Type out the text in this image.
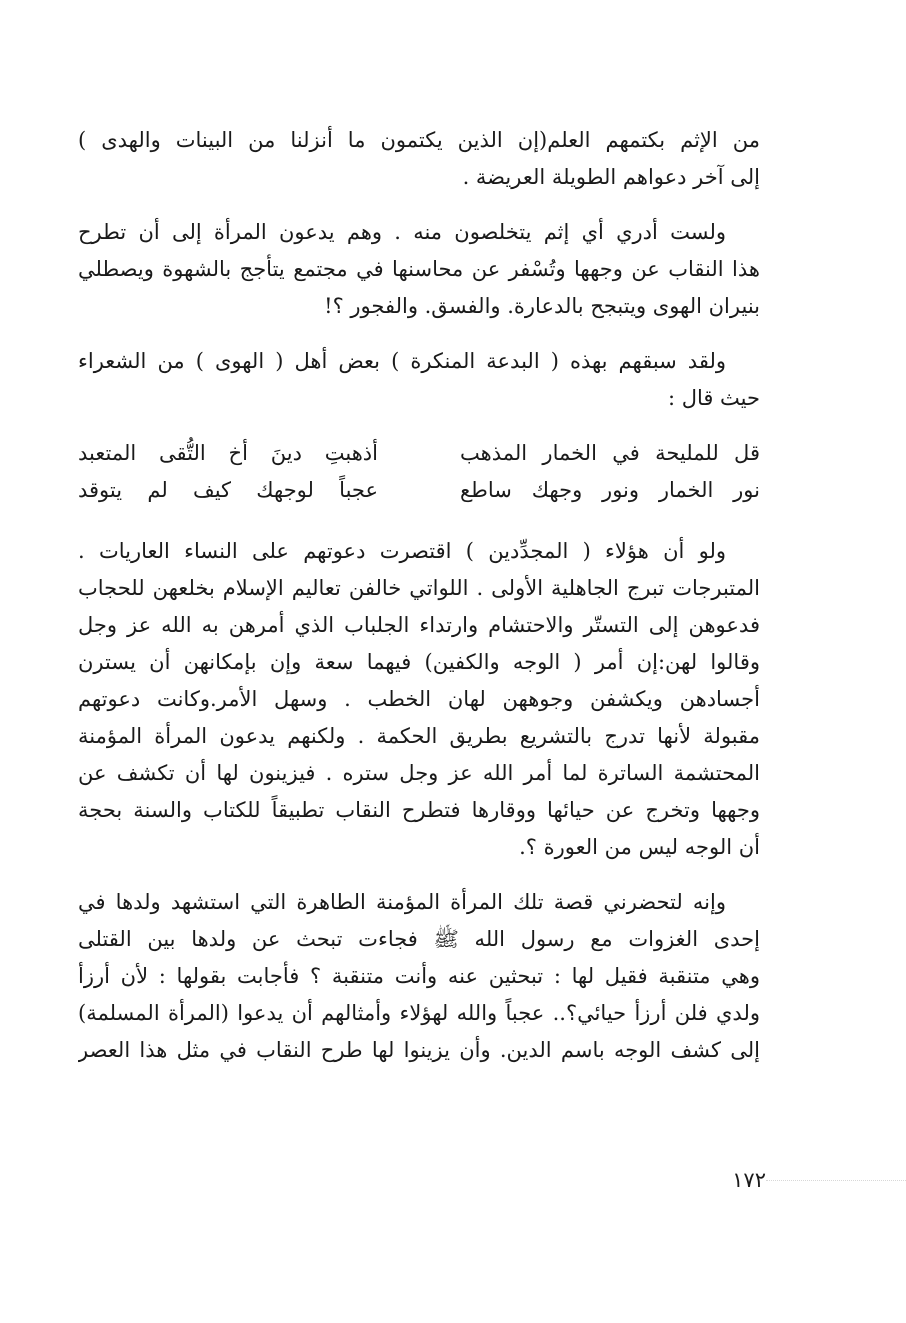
من الإثم بكتمهم العلم(إن الذين يكتمون ما أنزلنا من البينات والهدى )
إلى آخر دعواهم الطويلة العريضة .

ولست أدري أي إثم يتخلصون منه . وهم يدعون المرأة إلى أن تطرح
هذا النقاب عن وجهها وتُسْفر عن محاسنها في مجتمع يتأجج بالشهوة ويصطلي
بنيران الهوى ويتبجح بالدعارة. والفسق. والفجور ؟!

ولقد سبقهم بهذه ( البدعة المنكرة ) بعض أهل ( الهوى ) من الشعراء
حيث قال :

قل للمليحة في الخمار المذهب
أذهبتِ دينَ أخ التُّقى المتعبد
نور الخمار ونور وجهك ساطع
عجباً لوجهك كيف لم يتوقد

ولو أن هؤلاء ( المجدِّدين ) اقتصرت دعوتهم على النساء العاريات .
المتبرجات تبرج الجاهلية الأولى . اللواتي خالفن تعاليم الإسلام بخلعهن للحجاب
فدعوهن إلى التستّر والاحتشام وارتداء الجلباب الذي أمرهن به الله عز وجل
وقالوا لهن:إن أمر ( الوجه والكفين) فيهما سعة وإن بإمكانهن أن يسترن
أجسادهن ويكشفن وجوههن لهان الخطب . وسهل الأمر.وكانت دعوتهم
مقبولة لأنها تدرج بالتشريع بطريق الحكمة . ولكنهم يدعون المرأة المؤمنة
المحتشمة الساترة لما أمر الله عز وجل ستره . فيزينون لها أن تكشف عن
وجهها وتخرج عن حيائها ووقارها فتطرح النقاب تطبيقاً للكتاب والسنة بحجة
أن الوجه ليس من العورة ؟.

وإنه لتحضرني قصة تلك المرأة المؤمنة الطاهرة التي استشهد ولدها في
إحدى الغزوات مع رسول الله ﷺ فجاءت تبحث عن ولدها بين القتلى
وهي متنقبة فقيل لها : تبحثين عنه وأنت متنقبة ؟ فأجابت بقولها : لأن أرزأ
ولدي فلن أرزأ حيائي؟.. عجباً والله لهؤلاء وأمثالهم أن يدعوا (المرأة المسلمة)
إلى كشف الوجه باسم الدين. وأن يزينوا لها طرح النقاب في مثل هذا العصر

١٧٢
